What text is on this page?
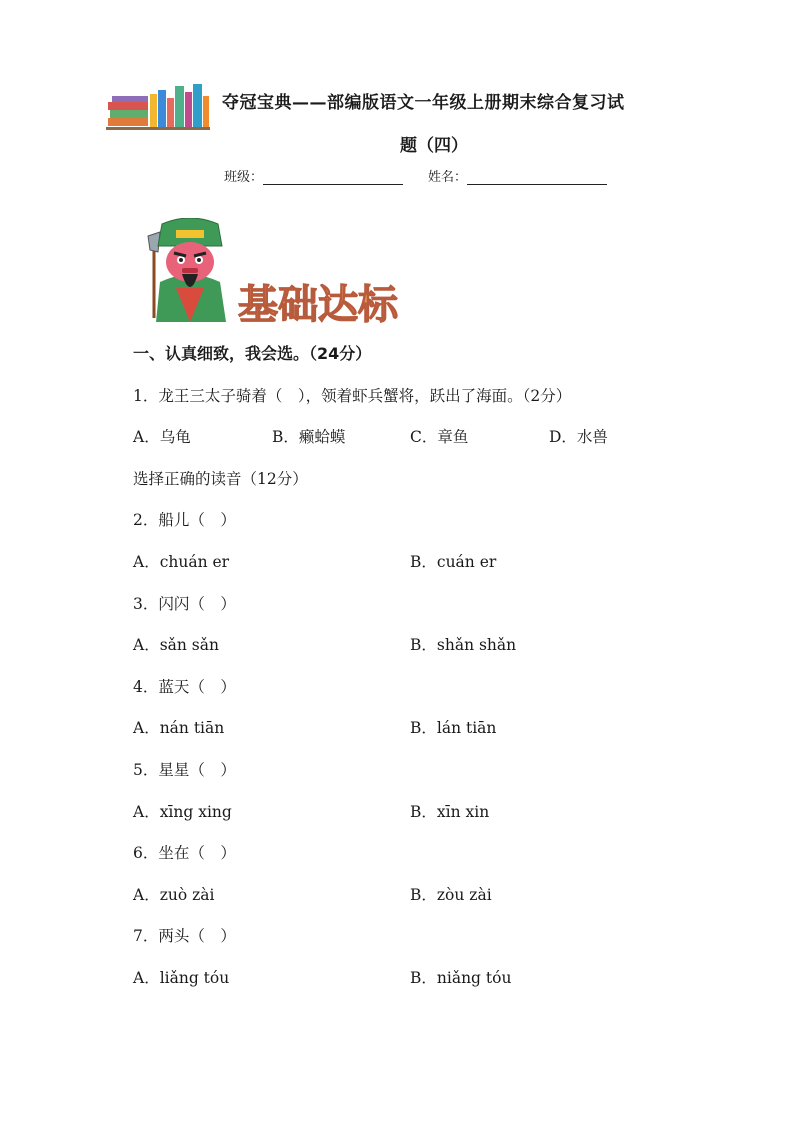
夺冠宝典——部编版语文一年级上册期末综合复习试
题（四）
班级：	姓名：
基础达标
一、认真细致，我会选。（24分）
1．龙王三太子骑着（　），领着虾兵蟹将，跃出了海面。（2分）
A．乌龟	B．癞蛤蟆	C．章鱼	D．水兽
选择正确的读音（12分）
2．船儿（　）
A．chuán er	B．cuán er
3．闪闪（　）
A．sǎn sǎn	B．shǎn shǎn
4．蓝天（　）
A．nán tiān	B．lán tiān
5．星星（　）
A．xīng xing	B．xīn xin
6．坐在（　）
A．zuò zài	B．zòu zài
7．两头（　）
A．liǎng tóu	B．niǎng tóu
